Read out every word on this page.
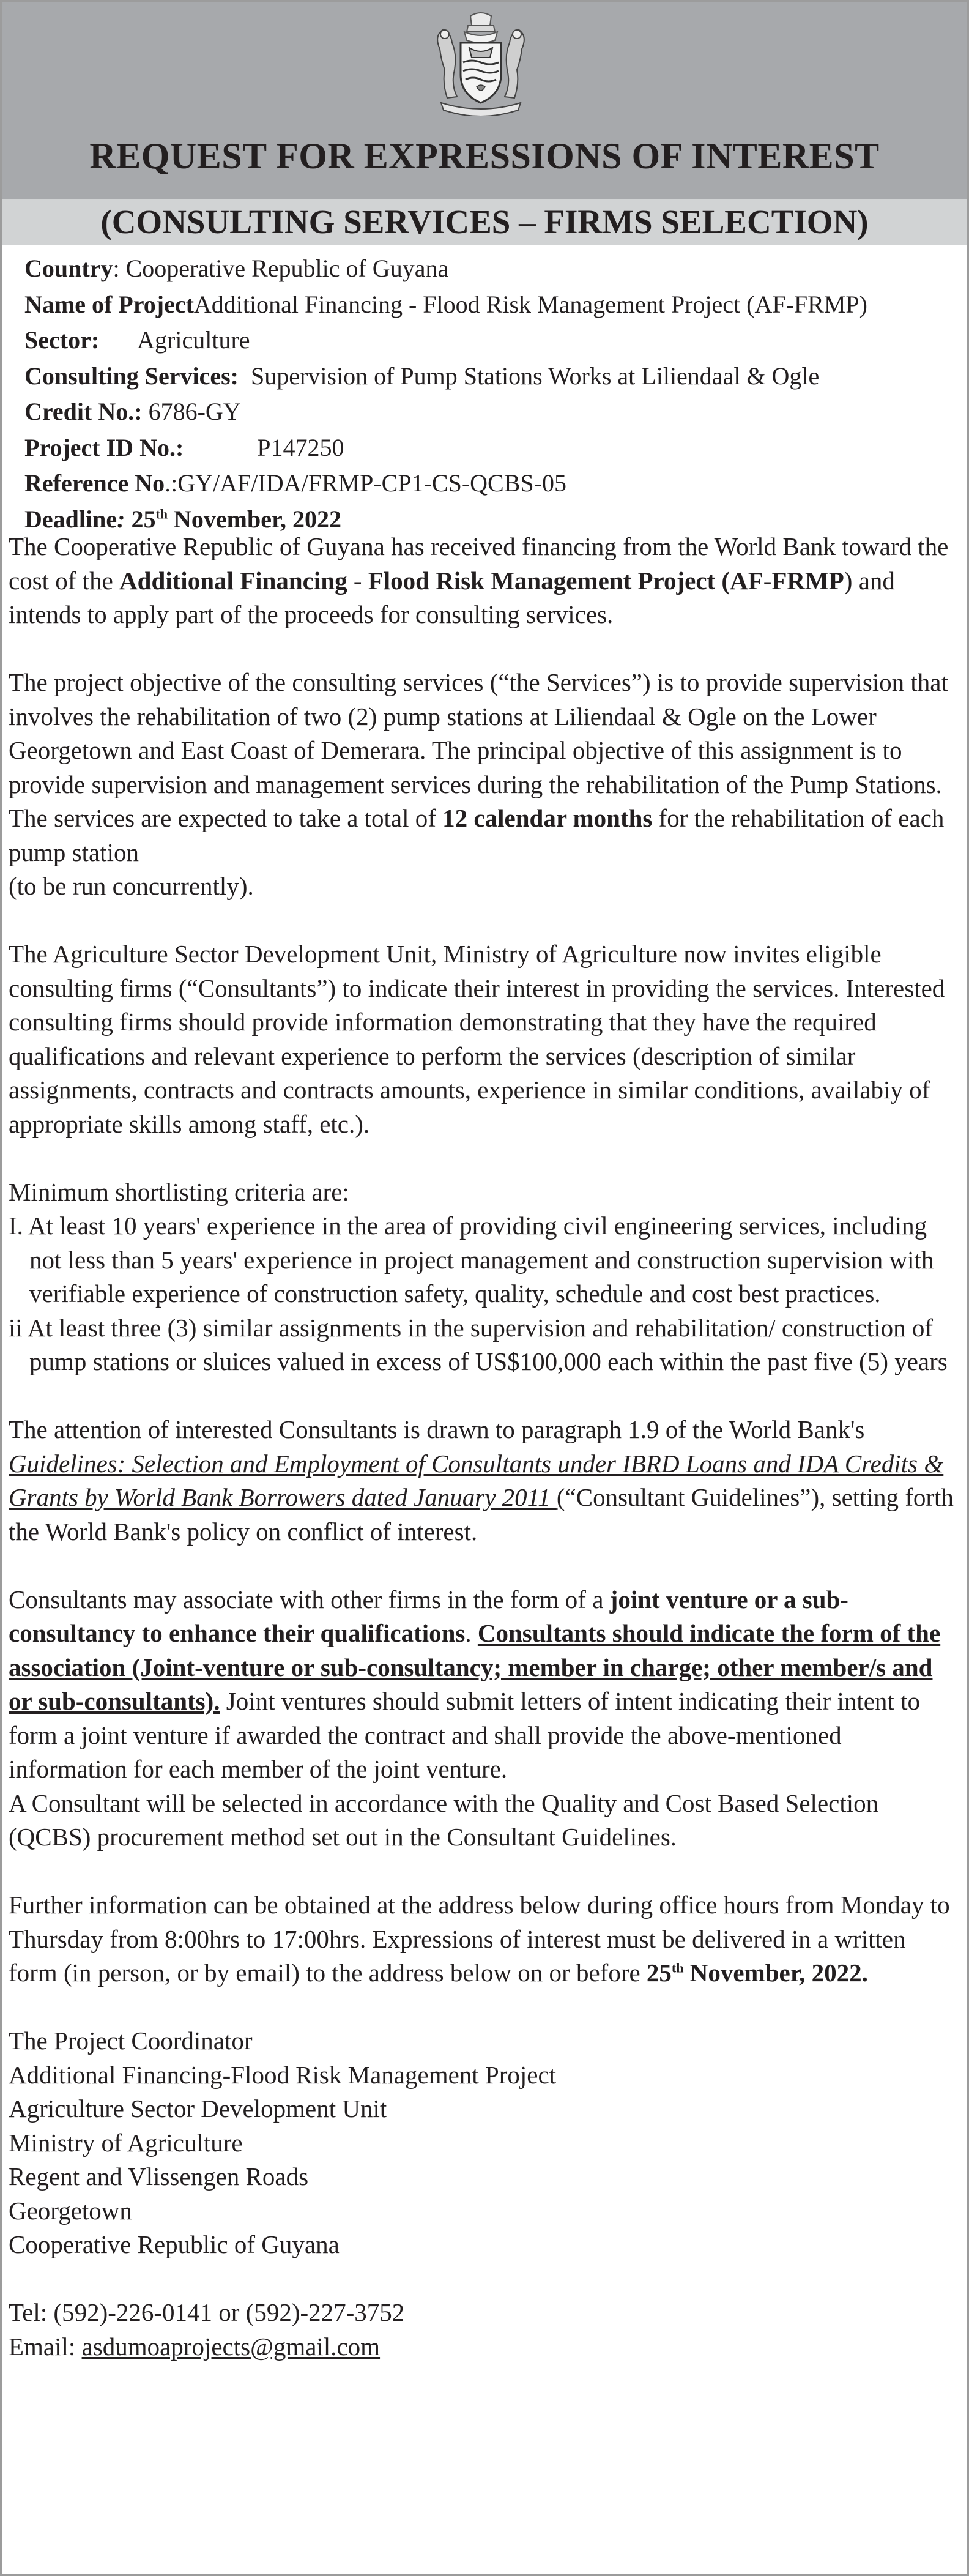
REQUEST FOR EXPRESSIONS OF INTEREST
(CONSULTING SERVICES – FIRMS SELECTION)
Country: Cooperative Republic of Guyana
Name of ProjectAdditional Financing - Flood Risk Management Project (AF-FRMP)
Sector: Agriculture
Consulting Services: Supervision of Pump Stations Works at Liliendaal & Ogle
Credit No.: 6786-GY
Project ID No.:	P147250
Reference No.:GY/AF/IDA/FRMP-CP1-CS-QCBS-05
Deadline: 25th November, 2022

The Cooperative Republic of Guyana has received financing from the World Bank toward the cost of the Additional Financing - Flood Risk Management Project (AF-FRMP) and intends to apply part of the proceeds for consulting services.

The project objective of the consulting services (“the Services”) is to provide supervision that involves the rehabilitation of two (2) pump stations at Liliendaal & Ogle on the Lower Georgetown and East Coast of Demerara. The principal objective of this assignment is to provide supervision and management services during the rehabilitation of the Pump Stations. The services are expected to take a total of 12 calendar months for the rehabilitation of each pump station
(to be run concurrently).

The Agriculture Sector Development Unit, Ministry of Agriculture now invites eligible consulting firms (“Consultants”) to indicate their interest in providing the services. Interested consulting firms should provide information demonstrating that they have the required qualifications and relevant experience to perform the services (description of similar assignments, contracts and contracts amounts, experience in similar conditions, availabiy of appropriate skills among staff, etc.).

Minimum shortlisting criteria are:

I. At least 10 years' experience in the area of providing civil engineering services, including not less than 5 years' experience in project management and construction supervision with verifiable experience of construction safety, quality, schedule and cost best practices.

ii At least three (3) similar assignments in the supervision and rehabilitation/ construction of pump stations or sluices valued in excess of US$100,000 each within the past five (5) years

The attention of interested Consultants is drawn to paragraph 1.9 of the World Bank's Guidelines: Selection and Employment of Consultants under IBRD Loans and IDA Credits & Grants by World Bank Borrowers dated January 2011 (“Consultant Guidelines”), setting forth the World Bank's policy on conflict of interest.

Consultants may associate with other firms in the form of a joint venture or a sub-consultancy to enhance their qualifications. Consultants should indicate the form of the association (Joint-venture or sub-consultancy; member in charge; other member/s and or sub-consultants). Joint ventures should submit letters of intent indicating their intent to form a joint venture if awarded the contract and shall provide the above-mentioned information for each member of the joint venture.

A Consultant will be selected in accordance with the Quality and Cost Based Selection (QCBS) procurement method set out in the Consultant Guidelines.

Further information can be obtained at the address below during office hours from Monday to Thursday from 8:00hrs to 17:00hrs. Expressions of interest must be delivered in a written form (in person, or by email) to the address below on or before 25th November, 2022.

The Project Coordinator

Additional Financing-Flood Risk Management Project

Agriculture Sector Development Unit

Ministry of Agriculture

Regent and Vlissengen Roads

Georgetown

Cooperative Republic of Guyana

Tel: (592)-226-0141 or (592)-227-3752

Email: asdumoaprojects@gmail.com
